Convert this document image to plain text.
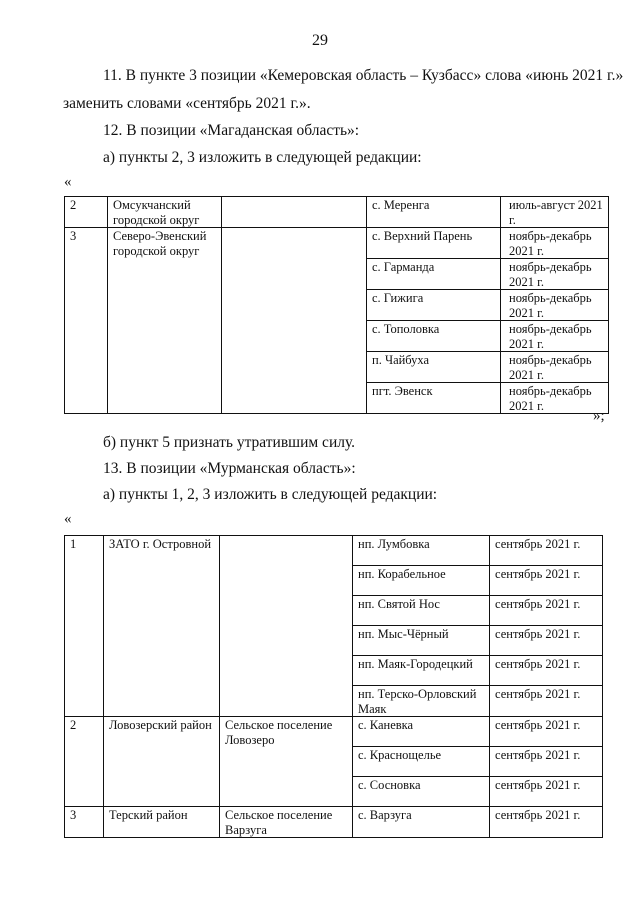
29
11. В пункте 3 позиции «Кемеровская область – Кузбасс» слова «июнь 2021 г.»
заменить словами «сентябрь 2021 г.».
12. В позиции «Магаданская область»:
а) пункты 2, 3 изложить в следующей редакции:
«
2	Омсукчанский городской округ		с. Меренга	июль-август 2021 г.
3	Северо-Эвенский городской округ		с. Верхний Парень	ноябрь-декабрь 2021 г.
			с. Гарманда	ноябрь-декабрь 2021 г.
			с. Гижига	ноябрь-декабрь 2021 г.
			с. Тополовка	ноябрь-декабрь 2021 г.
			п. Чайбуха	ноябрь-декабрь 2021 г.
			пгт. Эвенск	ноябрь-декабрь 2021 г.
»;
б) пункт 5 признать утратившим силу.
13. В позиции «Мурманская область»:
а) пункты 1, 2, 3 изложить в следующей редакции:
«
1	ЗАТО г. Островной		нп. Лумбовка	сентябрь 2021 г.
			нп. Корабельное	сентябрь 2021 г.
			нп. Святой Нос	сентябрь 2021 г.
			нп. Мыс-Чёрный	сентябрь 2021 г.
			нп. Маяк-Городецкий	сентябрь 2021 г.
			нп. Терско-Орловский Маяк	сентябрь 2021 г.
2	Ловозерский район	Сельское поселение Ловозеро	с. Каневка	сентябрь 2021 г.
			с. Краснощелье	сентябрь 2021 г.
			с. Сосновка	сентябрь 2021 г.
3	Терский район	Сельское поселение Варзуга	с. Варзуга	сентябрь 2021 г.
